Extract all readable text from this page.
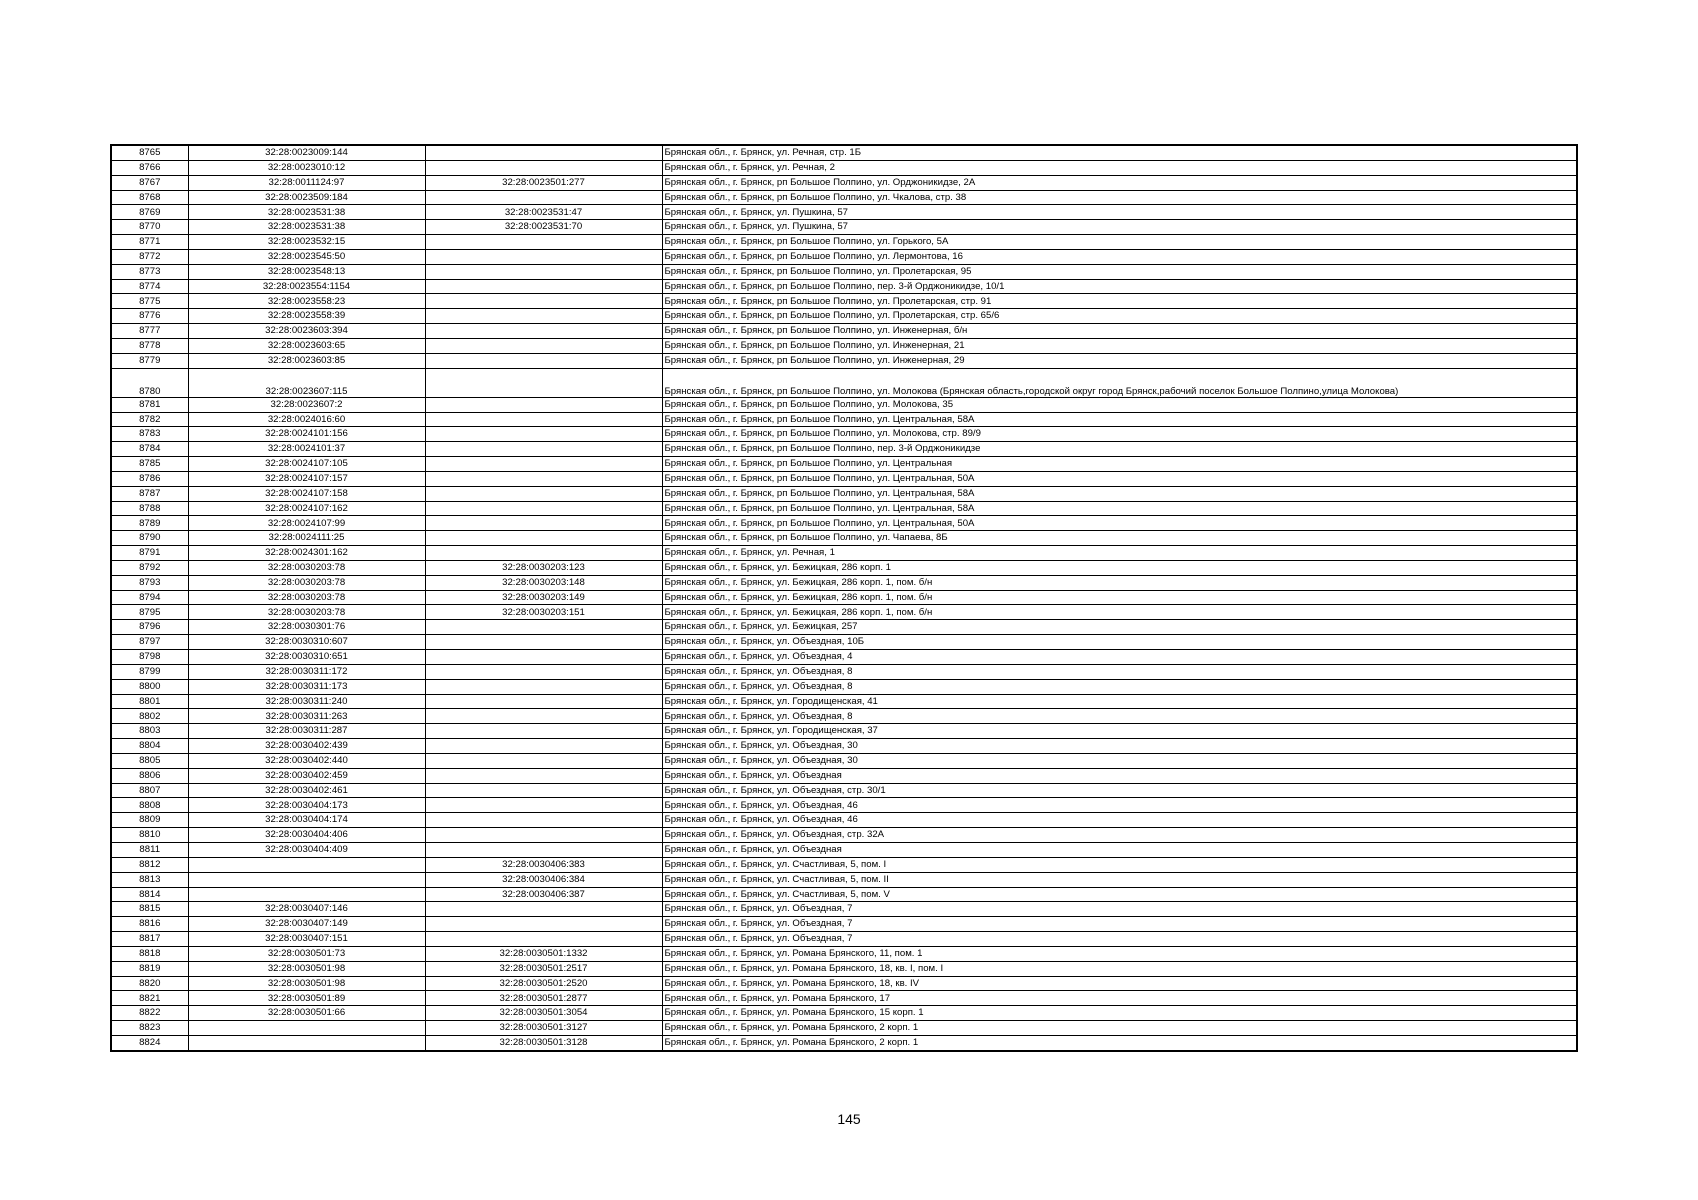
8765	32:28:0023009:144		Брянская обл., г. Брянск, ул. Речная, стр. 1Б
8766	32:28:0023010:12		Брянская обл., г. Брянск, ул. Речная, 2
8767	32:28:0011124:97	32:28:0023501:277	Брянская обл., г. Брянск, рп Большое Полпино, ул. Орджоникидзе, 2А
8768	32:28:0023509:184		Брянская обл., г. Брянск, рп Большое Полпино, ул. Чкалова, стр. 38
8769	32:28:0023531:38	32:28:0023531:47	Брянская обл., г. Брянск, ул. Пушкина, 57
8770	32:28:0023531:38	32:28:0023531:70	Брянская обл., г. Брянск, ул. Пушкина, 57
8771	32:28:0023532:15		Брянская обл., г. Брянск, рп Большое Полпино, ул. Горького, 5А
8772	32:28:0023545:50		Брянская обл., г. Брянск, рп Большое Полпино, ул. Лермонтова, 16
8773	32:28:0023548:13		Брянская обл., г. Брянск, рп Большое Полпино, ул. Пролетарская, 95
8774	32:28:0023554:1154		Брянская обл., г. Брянск, рп Большое Полпино, пер. 3-й Орджоникидзе, 10/1
8775	32:28:0023558:23		Брянская обл., г. Брянск, рп Большое Полпино, ул. Пролетарская, стр. 91
8776	32:28:0023558:39		Брянская обл., г. Брянск, рп Большое Полпино, ул. Пролетарская, стр. 65/6
8777	32:28:0023603:394		Брянская обл., г. Брянск, рп Большое Полпино, ул. Инженерная, б/н
8778	32:28:0023603:65		Брянская обл., г. Брянск, рп Большое Полпино, ул. Инженерная, 21
8779	32:28:0023603:85		Брянская обл., г. Брянск, рп Большое Полпино, ул. Инженерная, 29
8780	32:28:0023607:115		Брянская обл., г. Брянск, рп Большое Полпино, ул. Молокова (Брянская область,городской округ город Брянск,рабочий поселок Большое Полпино,улица Молокова)
8781	32:28:0023607:2		Брянская обл., г. Брянск, рп Большое Полпино, ул. Молокова, 35
8782	32:28:0024016:60		Брянская обл., г. Брянск, рп Большое Полпино, ул. Центральная, 58А
8783	32:28:0024101:156		Брянская обл., г. Брянск, рп Большое Полпино, ул. Молокова, стр. 89/9
8784	32:28:0024101:37		Брянская обл., г. Брянск, рп Большое Полпино, пер. 3-й Орджоникидзе
8785	32:28:0024107:105		Брянская обл., г. Брянск, рп Большое Полпино, ул. Центральная
8786	32:28:0024107:157		Брянская обл., г. Брянск, рп Большое Полпино, ул. Центральная, 50А
8787	32:28:0024107:158		Брянская обл., г. Брянск, рп Большое Полпино, ул. Центральная, 58А
8788	32:28:0024107:162		Брянская обл., г. Брянск, рп Большое Полпино, ул. Центральная, 58А
8789	32:28:0024107:99		Брянская обл., г. Брянск, рп Большое Полпино, ул. Центральная, 50А
8790	32:28:0024111:25		Брянская обл., г. Брянск, рп Большое Полпино, ул. Чапаева, 8Б
8791	32:28:0024301:162		Брянская обл., г. Брянск, ул. Речная, 1
8792	32:28:0030203:78	32:28:0030203:123	Брянская обл., г. Брянск, ул. Бежицкая, 286 корп. 1
8793	32:28:0030203:78	32:28:0030203:148	Брянская обл., г. Брянск, ул. Бежицкая, 286 корп. 1, пом. б/н
8794	32:28:0030203:78	32:28:0030203:149	Брянская обл., г. Брянск, ул. Бежицкая, 286 корп. 1, пом. б/н
8795	32:28:0030203:78	32:28:0030203:151	Брянская обл., г. Брянск, ул. Бежицкая, 286 корп. 1, пом. б/н
8796	32:28:0030301:76		Брянская обл., г. Брянск, ул. Бежицкая, 257
8797	32:28:0030310:607		Брянская обл., г. Брянск, ул. Объездная, 10Б
8798	32:28:0030310:651		Брянская обл., г. Брянск, ул. Объездная, 4
8799	32:28:0030311:172		Брянская обл., г. Брянск, ул. Объездная, 8
8800	32:28:0030311:173		Брянская обл., г. Брянск, ул. Объездная, 8
8801	32:28:0030311:240		Брянская обл., г. Брянск, ул. Городищенская, 41
8802	32:28:0030311:263		Брянская обл., г. Брянск, ул. Объездная, 8
8803	32:28:0030311:287		Брянская обл., г. Брянск, ул. Городищенская, 37
8804	32:28:0030402:439		Брянская обл., г. Брянск, ул. Объездная, 30
8805	32:28:0030402:440		Брянская обл., г. Брянск, ул. Объездная, 30
8806	32:28:0030402:459		Брянская обл., г. Брянск, ул. Объездная
8807	32:28:0030402:461		Брянская обл., г. Брянск, ул. Объездная, стр. 30/1
8808	32:28:0030404:173		Брянская обл., г. Брянск, ул. Объездная, 46
8809	32:28:0030404:174		Брянская обл., г. Брянск, ул. Объездная, 46
8810	32:28:0030404:406		Брянская обл., г. Брянск, ул. Объездная, стр. 32А
8811	32:28:0030404:409		Брянская обл., г. Брянск, ул. Объездная
8812		32:28:0030406:383	Брянская обл., г. Брянск, ул. Счастливая, 5, пом. I
8813		32:28:0030406:384	Брянская обл., г. Брянск, ул. Счастливая, 5, пом. II
8814		32:28:0030406:387	Брянская обл., г. Брянск, ул. Счастливая, 5, пом. V
8815	32:28:0030407:146		Брянская обл., г. Брянск, ул. Объездная, 7
8816	32:28:0030407:149		Брянская обл., г. Брянск, ул. Объездная, 7
8817	32:28:0030407:151		Брянская обл., г. Брянск, ул. Объездная, 7
8818	32:28:0030501:73	32:28:0030501:1332	Брянская обл., г. Брянск, ул. Романа Брянского, 11, пом. 1
8819	32:28:0030501:98	32:28:0030501:2517	Брянская обл., г. Брянск, ул. Романа Брянского, 18, кв. I, пом. I
8820	32:28:0030501:98	32:28:0030501:2520	Брянская обл., г. Брянск, ул. Романа Брянского, 18, кв. IV
8821	32:28:0030501:89	32:28:0030501:2877	Брянская обл., г. Брянск, ул. Романа Брянского, 17
8822	32:28:0030501:66	32:28:0030501:3054	Брянская обл., г. Брянск, ул. Романа Брянского, 15 корп. 1
8823		32:28:0030501:3127	Брянская обл., г. Брянск, ул. Романа Брянского, 2 корп. 1
8824		32:28:0030501:3128	Брянская обл., г. Брянск, ул. Романа Брянского, 2 корп. 1
145
